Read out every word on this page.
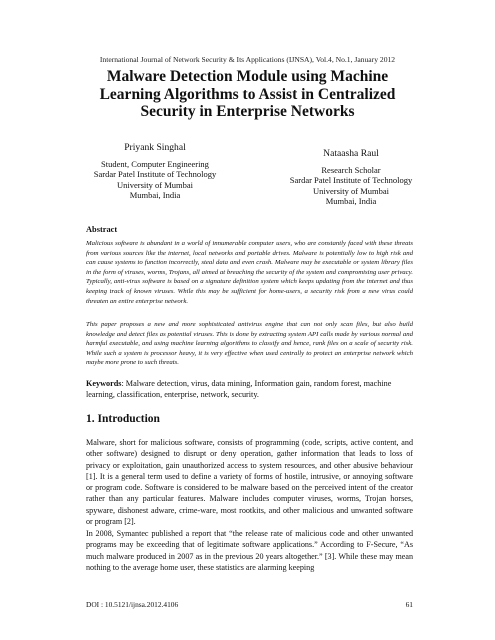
International Journal of Network Security & Its Applications (IJNSA), Vol.4, No.1, January 2012
Malware Detection Module using Machine
Learning Algorithms to Assist in Centralized
Security in Enterprise Networks
Priyank Singhal
Student, Computer Engineering
Sardar Patel Institute of Technology
University of Mumbai
Mumbai, India
Nataasha Raul
Research Scholar
Sardar Patel Institute of Technology
University of Mumbai
Mumbai, India
Abstract

Malicious software is abundant in a world of innumerable computer users, who are constantly faced with these threats from various sources like the internet, local networks and portable drives. Malware is potentially low to high risk and can cause systems to function incorrectly, steal data and even crash. Malware may be executable or system library files in the form of viruses, worms, Trojans, all aimed at breaching the security of the system and compromising user privacy. Typically, anti-virus software is based on a signature definition system which keeps updating from the internet and thus keeping track of known viruses. While this may be sufficient for home-users, a security risk from a new virus could threaten an entire enterprise network.

This paper proposes a new and more sophisticated antivirus engine that can not only scan files, but also build knowledge and detect files as potential viruses. This is done by extracting system API calls made by various normal and harmful executable, and using machine learning algorithms to classify and hence, rank files on a scale of security risk. While such a system is processor heavy, it is very effective when used centrally to protect an enterprise network which maybe more prone to such threats.

Keywords: Malware detection, virus, data mining, Information gain, random forest, machine learning, classification, enterprise, network, security.

1. Introduction

Malware, short for malicious software, consists of programming (code, scripts, active content, and other software) designed to disrupt or deny operation, gather information that leads to loss of privacy or exploitation, gain unauthorized access to system resources, and other abusive behaviour [1]. It is a general term used to define a variety of forms of hostile, intrusive, or annoying software or program code. Software is considered to be malware based on the perceived intent of the creator rather than any particular features. Malware includes computer viruses, worms, Trojan horses, spyware, dishonest adware, crime-ware, most rootkits, and other malicious and unwanted software or program [2].

In 2008, Symantec published a report that “the release rate of malicious code and other unwanted programs may be exceeding that of legitimate software applications.” According to F-Secure, “As much malware produced in 2007 as in the previous 20 years altogether.” [3]. While these may mean nothing to the average home user, these statistics are alarming keeping

DOI : 10.5121/ijnsa.2012.4106	61
